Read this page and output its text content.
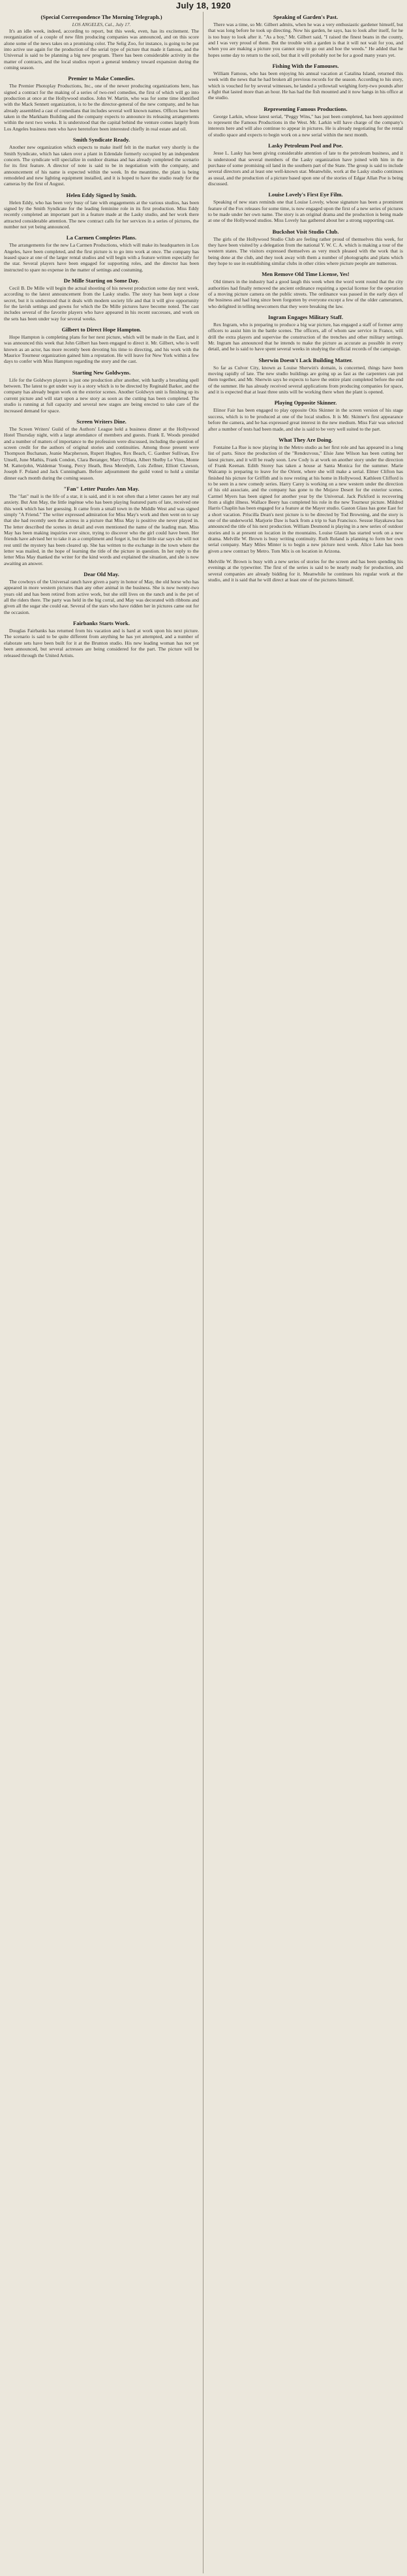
July 18, 1920
(Special Correspondence The Morning Telegraph.)
LOS ANGELES, Cal., July 17.

It's an idle week, indeed, according to report, but this week, even, has its excitement. The reorganization of a couple of new film producing companies was announced, and on this score alone some of the news takes on a promising color. The Selig Zoo, for instance, is going to be put into active use again for the production of the serial type of picture that made it famous, and the Universal is said to be planning a big new program. There has been considerable activity in the matter of contracts, and the local studios report a general tendency toward expansion during the coming season.

Premier to Make Comedies.

The Premier Photoplay Productions, Inc., one of the newer producing organizations here, has signed a contract for the making of a series of two-reel comedies, the first of which will go into production at once at the Hollywood studios. John W. Martin, who was for some time identified with the Mack Sennett organization, is to be the director-general of the new company, and he has already assembled a cast of comedians that includes several well known names. Offices have been taken in the Markham Building and the company expects to announce its releasing arrangements within the next two weeks. It is understood that the capital behind the venture comes largely from Los Angeles business men who have heretofore been interested chiefly in real estate and oil.

Smith Syndicate Ready.

Another new organization which expects to make itself felt in the market very shortly is the Smith Syndicate, which has taken over a plant in Edendale formerly occupied by an independent concern. The syndicate will specialize in outdoor dramas and has already completed the scenario for its first feature. A director of note is said to be in negotiation with the company, and announcement of his name is expected within the week. In the meantime, the plant is being remodeled and new lighting equipment installed, and it is hoped to have the studio ready for the cameras by the first of August.

Helen Eddy Signed by Smith.

Helen Eddy, who has been very busy of late with engagements at the various studios, has been signed by the Smith Syndicate for the leading feminine role in its first production. Miss Eddy recently completed an important part in a feature made at the Lasky studio, and her work there attracted considerable attention. The new contract calls for her services in a series of pictures, the number not yet being announced.

La Carmen Completes Plans.

The arrangements for the new La Carmen Productions, which will make its headquarters in Los Angeles, have been completed, and the first picture is to go into work at once. The company has leased space at one of the larger rental studios and will begin with a feature written especially for the star. Several players have been engaged for supporting roles, and the director has been instructed to spare no expense in the matter of settings and costuming.

De Mille Starting on Some Day.

Cecil B. De Mille will begin the actual shooting of his newest production some day next week, according to the latest announcement from the Lasky studio. The story has been kept a close secret, but it is understood that it deals with modern society life and that it will give opportunity for the lavish settings and gowns for which the De Mille pictures have become noted. The cast includes several of the favorite players who have appeared in his recent successes, and work on the sets has been under way for several weeks.

Gilbert to Direct Hope Hampton.

Hope Hampton is completing plans for her next picture, which will be made in the East, and it was announced this week that John Gilbert has been engaged to direct it. Mr. Gilbert, who is well known as an actor, has more recently been devoting his time to directing, and his work with the Maurice Tourneur organization gained him a reputation. He will leave for New York within a few days to confer with Miss Hampton regarding the story and the cast.

Starting New Goldwyns.

Life for the Goldwyn players is just one production after another, with hardly a breathing spell between. The latest to get under way is a story which is to be directed by Reginald Barker, and the company has already begun work on the exterior scenes. Another Goldwyn unit is finishing up its current picture and will start upon a new story as soon as the cutting has been completed. The studio is running at full capacity and several new stages are being erected to take care of the increased demand for space.

Screen Writers Dine.

The Screen Writers' Guild of the Authors' League held a business dinner at the Hollywood Hotel Thursday night, with a large attendance of members and guests. Frank E. Woods presided and a number of matters of importance to the profession were discussed, including the question of screen credit for the authors of original stories and continuities. Among those present were Thompson Buchanan, Jeanie Macpherson, Rupert Hughes, Rex Beach, C. Gardner Sullivan, Eve Unsell, June Mathis, Frank Condon, Clara Beranger, Mary O'Hara, Albert Shelby Le Vino, Monte M. Katterjohn, Waldemar Young, Percy Heath, Bess Meredyth, Lois Zellner, Elliott Clawson, Joseph F. Poland and Jack Cunningham. Before adjournment the guild voted to hold a similar dinner each month during the coming season.

"Fan" Letter Puzzles Ann May.

The "fan" mail is the life of a star, it is said, and it is not often that a letter causes her any real anxiety. But Ann May, the little ingénue who has been playing featured parts of late, received one this week which has her guessing. It came from a small town in the Middle West and was signed simply "A Friend." The writer expressed admiration for Miss May's work and then went on to say that she had recently seen the actress in a picture that Miss May is positive she never played in. The letter described the scenes in detail and even mentioned the name of the leading man. Miss May has been making inquiries ever since, trying to discover who the girl could have been. Her friends have advised her to take it as a compliment and forget it, but the little star says she will not rest until the mystery has been cleared up. She has written to the exchange in the town where the letter was mailed, in the hope of learning the title of the picture in question. In her reply to the letter Miss May thanked the writer for the kind words and explained the situation, and she is now awaiting an answer.

Dear Old May.

The cowboys of the Universal ranch have given a party in honor of May, the old horse who has appeared in more western pictures than any other animal in the business. She is now twenty-two years old and has been retired from active work, but she still lives on the ranch and is the pet of all the riders there. The party was held in the big corral, and May was decorated with ribbons and given all the sugar she could eat. Several of the stars who have ridden her in pictures came out for the occasion.

Fairbanks Starts Work.

Douglas Fairbanks has returned from his vacation and is hard at work upon his next picture. The scenario is said to be quite different from anything he has yet attempted, and a number of elaborate sets have been built for it at the Brunton studio. His new leading woman has not yet been announced, but several actresses are being considered for the part. The picture will be released through the United Artists.

Speaking of Garden's Past.

There was a time, so Mr. Gilbert admits, when he was a very enthusiastic gardener himself, but that was long before he took up directing. Now his garden, he says, has to look after itself, for he is too busy to look after it. "As a boy," Mr. Gilbert said, "I raised the finest beans in the county, and I was very proud of them. But the trouble with a garden is that it will not wait for you, and when you are making a picture you cannot stop to go out and hoe the weeds." He added that he hopes some day to return to the soil, but that it will probably not be for a good many years yet.

Fishing With the Famouses.

William Famous, who has been enjoying his annual vacation at Catalina Island, returned this week with the news that he had broken all previous records for the season. According to his story, which is vouched for by several witnesses, he landed a yellowtail weighing forty-two pounds after a fight that lasted more than an hour. He has had the fish mounted and it now hangs in his office at the studio.

Representing Famous Productions.

George Larkin, whose latest serial, "Peggy Wins," has just been completed, has been appointed to represent the Famous Productions in the West. Mr. Larkin will have charge of the company's interests here and will also continue to appear in pictures. He is already negotiating for the rental of studio space and expects to begin work on a new serial within the next month.

Lasky Petroleum Pool and Poe.

Jesse L. Lasky has been giving considerable attention of late to the petroleum business, and it is understood that several members of the Lasky organization have joined with him in the purchase of some promising oil land in the southern part of the State. The group is said to include several directors and at least one well-known star. Meanwhile, work at the Lasky studio continues as usual, and the production of a picture based upon one of the stories of Edgar Allan Poe is being discussed.

Louise Lovely's First Eye Film.

Speaking of new stars reminds one that Louise Lovely, whose signature has been a prominent feature of the Fox releases for some time, is now engaged upon the first of a new series of pictures to be made under her own name. The story is an original drama and the production is being made at one of the Hollywood studios. Miss Lovely has gathered about her a strong supporting cast.

Buckshot Visit Studio Club.

The girls of the Hollywood Studio Club are feeling rather proud of themselves this week, for they have been visited by a delegation from the national Y. W. C. A. which is making a tour of the western states. The visitors expressed themselves as very much pleased with the work that is being done at the club, and they took away with them a number of photographs and plans which they hope to use in establishing similar clubs in other cities where picture people are numerous.

Men Remove Old Time License, Yes!

Old timers in the industry had a good laugh this week when the word went round that the city authorities had finally removed the ancient ordinance requiring a special license for the operation of a moving picture camera on the public streets. The ordinance was passed in the early days of the business and had long since been forgotten by everyone except a few of the older cameramen, who delighted in telling newcomers that they were breaking the law.

Ingram Engages Military Staff.

Rex Ingram, who is preparing to produce a big war picture, has engaged a staff of former army officers to assist him in the battle scenes. The officers, all of whom saw service in France, will drill the extra players and supervise the construction of the trenches and other military settings. Mr. Ingram has announced that he intends to make the picture as accurate as possible in every detail, and he is said to have spent several weeks in studying the official records of the campaign.

Sherwin Doesn't Lack Building Matter.

So far as Culver City, known as Louise Sherwin's domain, is concerned, things have been moving rapidly of late. The new studio buildings are going up as fast as the carpenters can put them together, and Mr. Sherwin says he expects to have the entire plant completed before the end of the summer. He has already received several applications from producing companies for space, and it is expected that at least three units will be working there when the plant is opened.

Playing Opposite Skinner.

Elinor Fair has been engaged to play opposite Otis Skinner in the screen version of his stage success, which is to be produced at one of the local studios. It is Mr. Skinner's first appearance before the camera, and he has expressed great interest in the new medium. Miss Fair was selected after a number of tests had been made, and she is said to be very well suited to the part.

What They Are Doing.

Fontaine La Rue is now playing in the Metro studio as her first role and has appeared in a long list of parts. Since the production of the "Rendezvous," Elsie Jane Wilson has been cutting her latest picture, and it will be ready soon. Lew Cody is at work on another story under the direction of Frank Keenan. Edith Storey has taken a house at Santa Monica for the summer. Marie Walcamp is preparing to leave for the Orient, where she will make a serial. Elmer Clifton has finished his picture for Griffith and is now resting at his home in Hollywood. Kathleen Clifford is to be seen in a new comedy series. Harry Carey is working on a new western under the direction of his old associate, and the company has gone to the Mojave Desert for the exterior scenes. Carmel Myers has been signed for another year by the Universal. Jack Pickford is recovering from a slight illness. Wallace Beery has completed his role in the new Tourneur picture. Mildred Harris Chaplin has been engaged for a feature at the Mayer studio. Gaston Glass has gone East for a short vacation. Priscilla Dean's next picture is to be directed by Tod Browning, and the story is one of the underworld. Marjorie Daw is back from a trip to San Francisco. Sessue Hayakawa has announced the title of his next production. William Desmond is playing in a new series of outdoor stories and is at present on location in the mountains. Louise Glaum has started work on a new drama. Melville W. Brown is busy writing continuity. Ruth Roland is planning to form her own serial company. Mary Miles Minter is to begin a new picture next week. Alice Lake has been given a new contract by Metro. Tom Mix is on location in Arizona.

Melville W. Brown is busy with a new series of stories for the screen and has been spending his evenings at the typewriter. The first of the series is said to be nearly ready for production, and several companies are already bidding for it. Meanwhile he continues his regular work at the studio, and it is said that he will direct at least one of the pictures himself.
